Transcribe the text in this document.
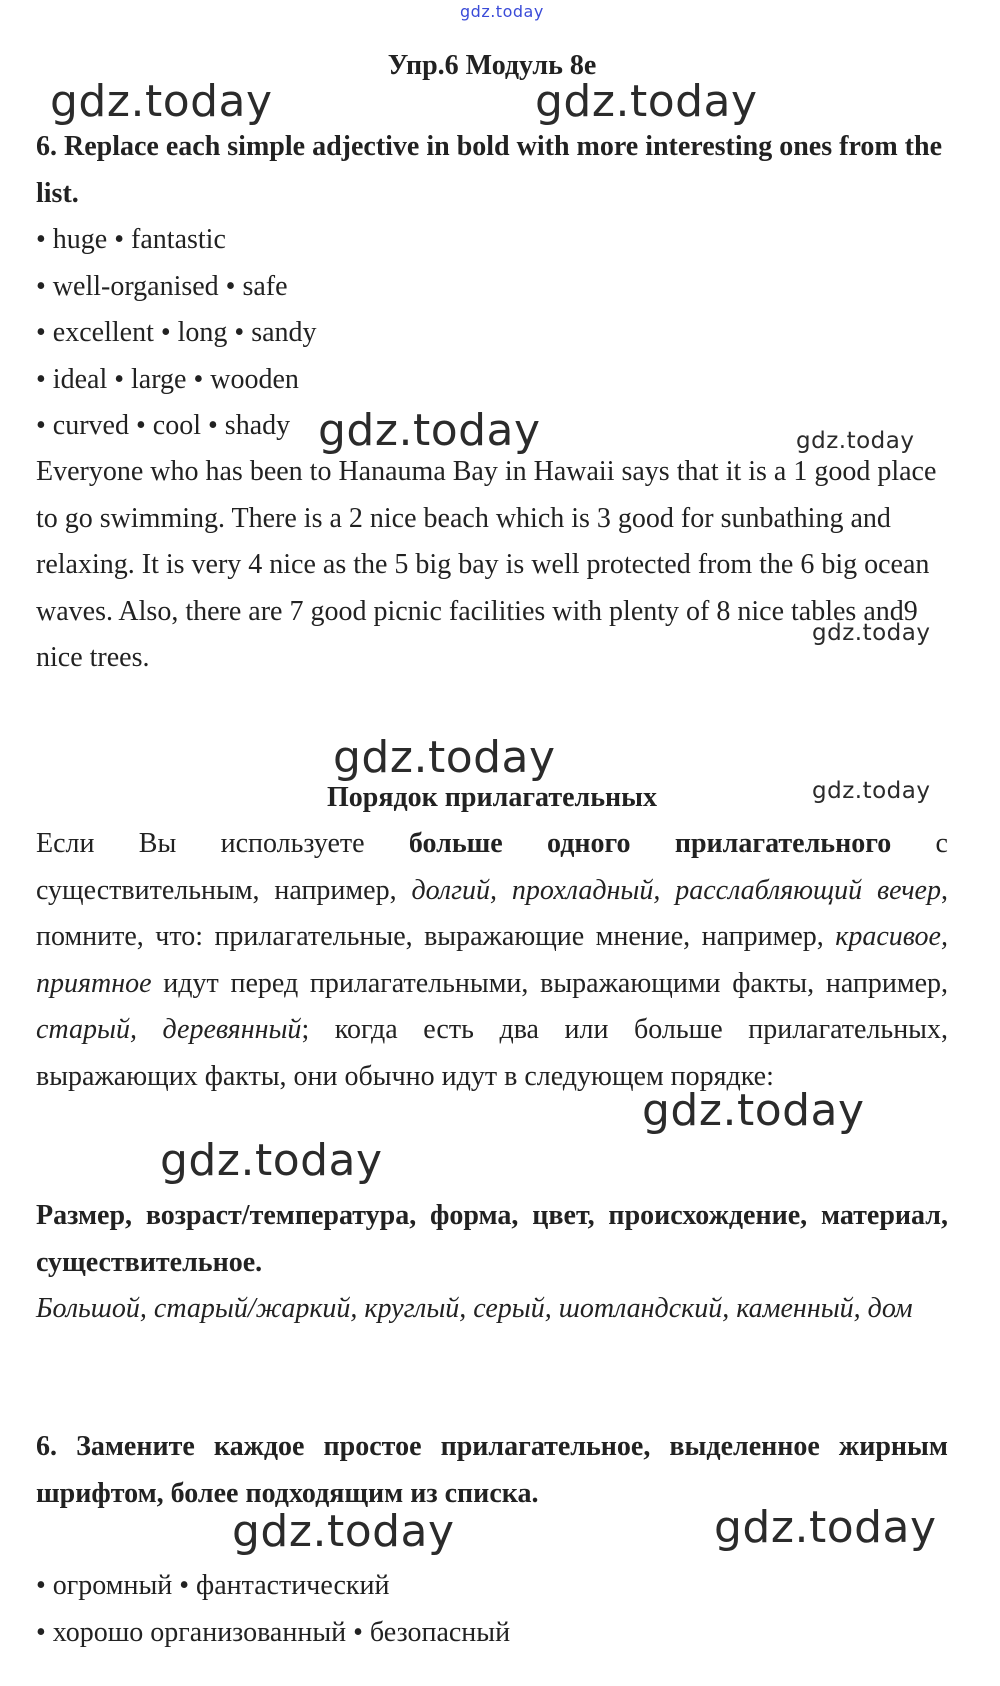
gdz.today
gdz.today	gdz.today
gdz.today	gdz.today
gdz.today
gdz.today
gdz.today
gdz.today
gdz.today
gdz.today	gdz.today
Упр.6 Модуль 8е

6. Replace each simple adjective in bold with more interesting ones from the list.

• huge • fantastic
• well-organised • safe
• excellent • long • sandy
• ideal • large • wooden
• curved • cool • shady

Everyone who has been to Hanauma Bay in Hawaii says that it is a 1 good place to go swimming. There is a 2 nice beach which is 3 good for sunbathing and relaxing. It is very 4 nice as the 5 big bay is well protected from the 6 big ocean waves. Also, there are 7 good picnic facilities with plenty of 8 nice tables and9 nice trees.

Порядок прилагательных

Если Вы используете больше одного прилагательного с существительным, например, долгий, прохладный, расслабляющий вечер, помните, что: прилагательные, выражающие мнение, например, красивое, приятное идут перед прилагательными, выражающими факты, например, старый, деревянный; когда есть два или больше прилагательных, выражающих факты, они обычно идут в следующем порядке:

Размер, возраст/температура, форма, цвет, происхождение, материал, существительное.

Большой, старый/жаркий, круглый, серый, шотландский, каменный, дом

6. Замените каждое простое прилагательное, выделенное жирным шрифтом, более подходящим из списка.

• огромный • фантастический
• хорошо организованный • безопасный
